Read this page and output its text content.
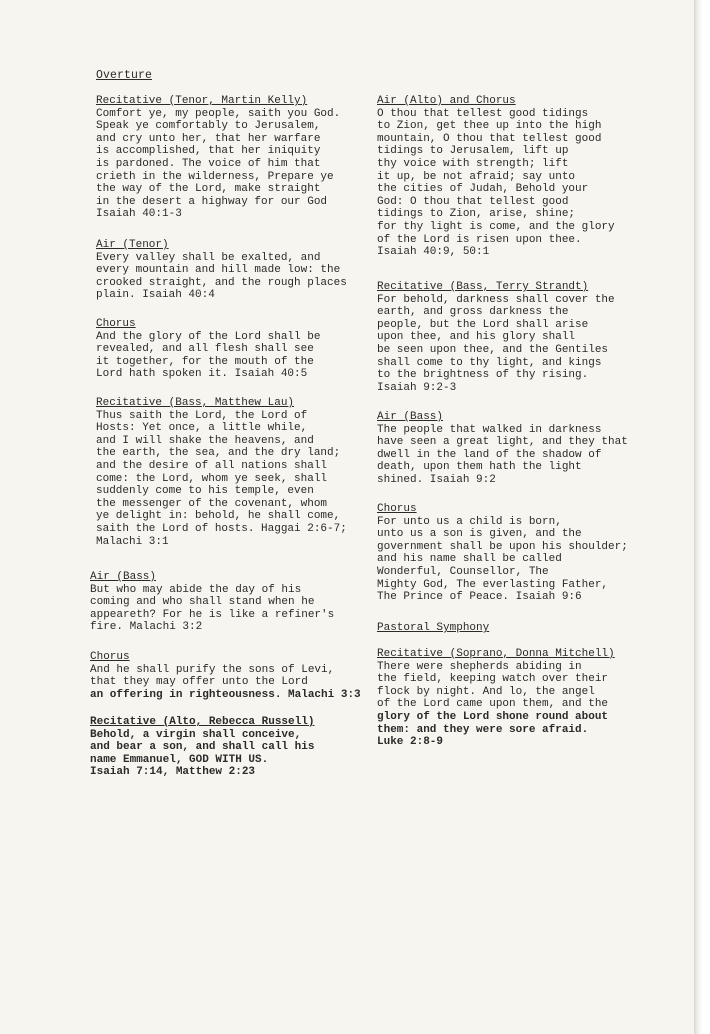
Overture
Recitative (Tenor, Martin Kelly)
Comfort ye, my people, saith you God.
Speak ye comfortably to Jerusalem,
and cry unto her, that her warfare
is accomplished, that her iniquity
is pardoned. The voice of him that
crieth in the wilderness, Prepare ye
the way of the Lord, make straight
in the desert a highway for our God
Isaiah 40:1-3
Air (Tenor)
Every valley shall be exalted, and
every mountain and hill made low: the
crooked straight, and the rough places
plain. Isaiah 40:4
Chorus
And the glory of the Lord shall be
revealed, and all flesh shall see
it together, for the mouth of the
Lord hath spoken it. Isaiah 40:5
Recitative (Bass, Matthew Lau)
Thus saith the Lord, the Lord of
Hosts: Yet once, a little while,
and I will shake the heavens, and
the earth, the sea, and the dry land;
and the desire of all nations shall
come: the Lord, whom ye seek, shall
suddenly come to his temple, even
the messenger of the covenant, whom
ye delight in: behold, he shall come,
saith the Lord of hosts. Haggai 2:6-7;
Malachi 3:1
Air (Bass)
But who may abide the day of his
coming and who shall stand when he
appeareth? For he is like a refiner's
fire. Malachi 3:2
Chorus
And he shall purify the sons of Levi,
that they may offer unto the Lord
an offering in righteousness. Malachi 3:3
Recitative (Alto, Rebecca Russell)
Behold, a virgin shall conceive,
and bear a son, and shall call his
name Emmanuel, GOD WITH US.
Isaiah 7:14, Matthew 2:23
Air (Alto) and Chorus
O thou that tellest good tidings
to Zion, get thee up into the high
mountain, O thou that tellest good
tidings to Jerusalem, lift up
thy voice with strength; lift
it up, be not afraid; say unto
the cities of Judah, Behold your
God: O thou that tellest good
tidings to Zion, arise, shine;
for thy light is come, and the glory
of the Lord is risen upon thee.
Isaiah 40:9, 50:1
Recitative (Bass, Terry Strandt)
For behold, darkness shall cover the
earth, and gross darkness the
people, but the Lord shall arise
upon thee, and his glory shall
be seen upon thee, and the Gentiles
shall come to thy light, and kings
to the brightness of thy rising.
Isaiah 9:2-3
Air (Bass)
The people that walked in darkness
have seen a great light, and they that
dwell in the land of the shadow of
death, upon them hath the light
shined. Isaiah 9:2
Chorus
For unto us a child is born,
unto us a son is given, and the
government shall be upon his shoulder;
and his name shall be called
Wonderful, Counsellor, The
Mighty God, The everlasting Father,
The Prince of Peace. Isaiah 9:6
Pastoral Symphony
Recitative (Soprano, Donna Mitchell)
There were shepherds abiding in
the field, keeping watch over their
flock by night. And lo, the angel
of the Lord came upon them, and the
glory of the Lord shone round about
them: and they were sore afraid.
Luke 2:8-9
